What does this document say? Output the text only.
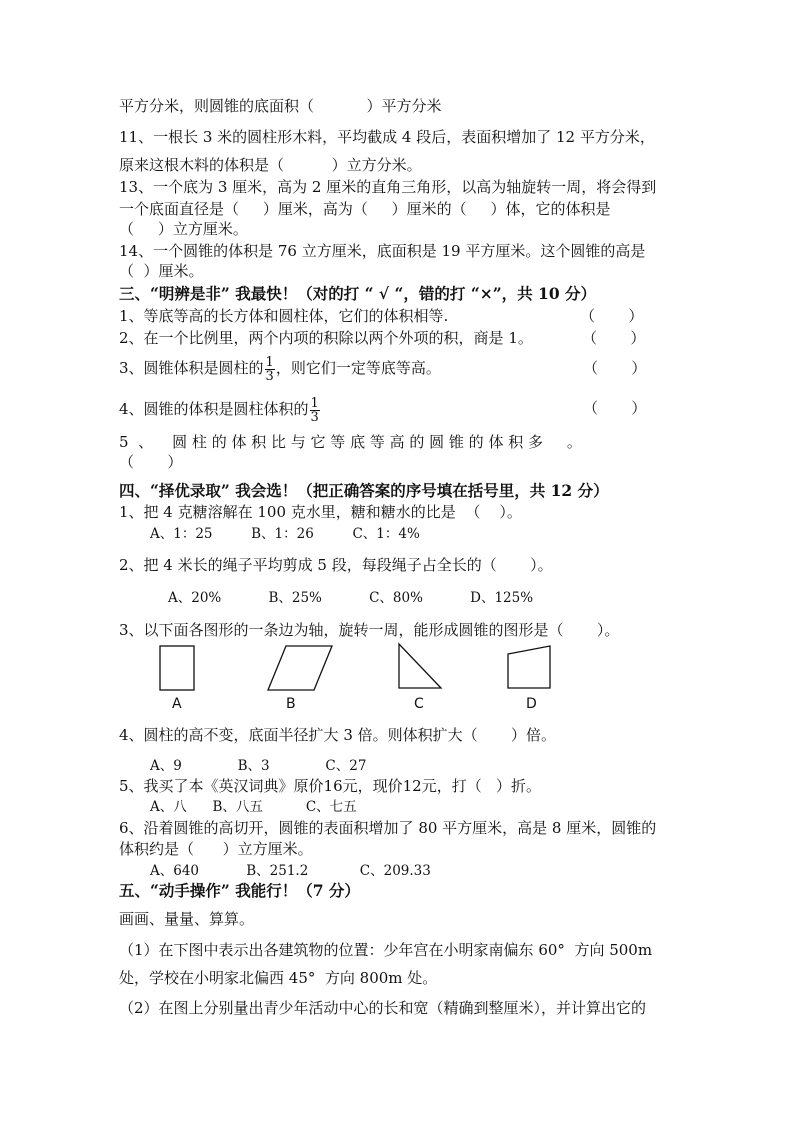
平方分米，则圆锥的底面积（           ）平方分米
11、一根长 3 米的圆柱形木料，平均截成 4 段后，表面积增加了 12 平方分米，
原来这根木料的体积是（          ）立方分米。
13、一个底为 3 厘米，高为 2 厘米的直角三角形，以高为轴旋转一周，将会得到
一个底面直径是（     ）厘米，高为（     ）厘米的（     ）体，它的体积是
（     ）立方厘米。
14、一个圆锥的体积是 76 立方厘米，底面积是 19 平方厘米。这个圆锥的高是
（  ）厘米。
三、“明辨是非” 我最快！（对的打 “ √ “，错的打 “×”，共 10 分）
1、等底等高的长方体和圆柱体，它们的体积相等.	（       ）
2、在一个比例里，两个内项的积除以两个外项的积，商是 1。	（       ）
3、圆锥体积是圆柱的 $\frac{1}{3}$ ，则它们一定等底等高。	（       ）
4、圆锥的体积是圆柱体积的 $\frac{1}{3}$	（       ）
5  、    圆 柱 的 体 积 比 与 它 等 底 等 高 的 圆 锥 的 体 积 多     。
（       ）
四、“择优录取” 我会选！（把正确答案的序号填在括号里，共 12 分）
1、把 4 克糖溶解在 100 克水里，糖和糖水的比是  （    ）。
A、1：25         B、1：26         C、1：4%
2、把 4 米长的绳子平均剪成 5 段，每段绳子占全长的（       ）。
A、20%           B、25%           C、80%           D、125%
3、以下面各图形的一条边为轴，旋转一周，能形成圆锥的图形是（       ）。
A	B	C	D
4、圆柱的高不变，底面半径扩大 3 倍。则体积扩大（       ）倍。
A、9             B、3             C、27
5、我买了本《英汉词典》原价16元，现价12元，打（   ）折。
A、八      B、八五          C、七五
6、沿着圆锥的高切开，圆锥的表面积增加了 80 平方厘米，高是 8 厘米，圆锥的
体积约是（      ）立方厘米。
A、640           B、251.2            C、209.33
五、“动手操作” 我能行！（7 分）
画画、量量、算算。
（1）在下图中表示出各建筑物的位置：少年宫在小明家南偏东 60°  方向 500m
处，学校在小明家北偏西 45°  方向 800m 处。
（2）在图上分别量出青少年活动中心的长和宽（精确到整厘米），并计算出它的
